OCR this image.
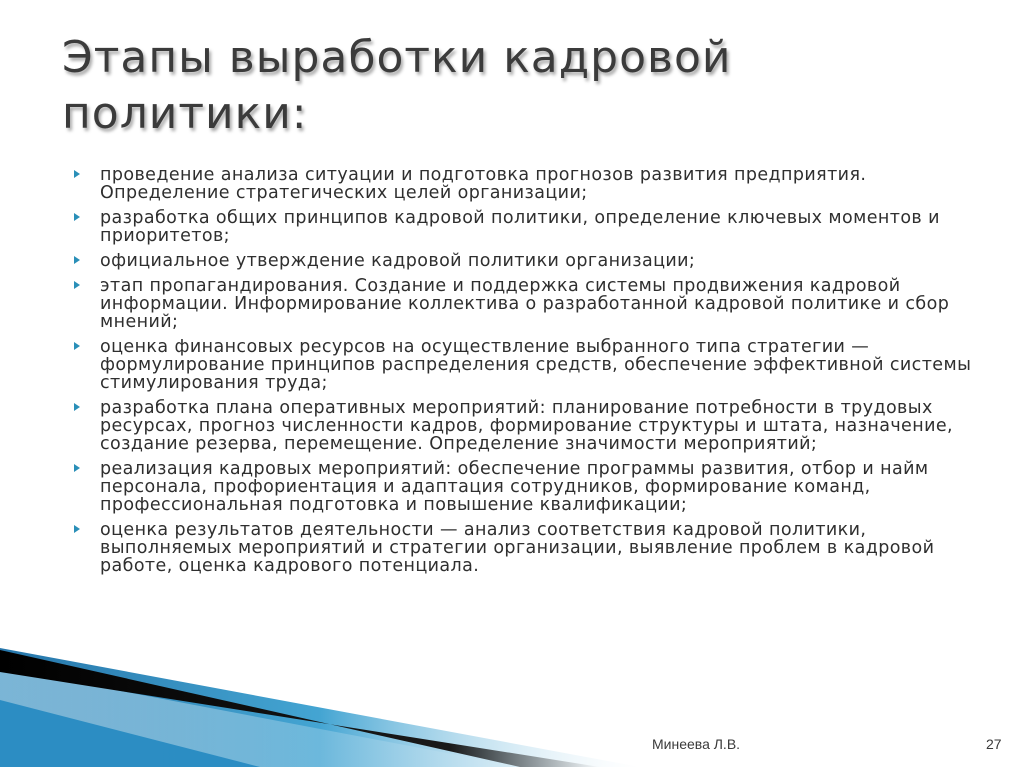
Этапы выработки кадровой политики:
проведение анализа ситуации и подготовка прогнозов развития предприятия. Определение стратегических целей организации;
разработка общих принципов кадровой политики, определение ключевых моментов и приоритетов;
официальное утверждение кадровой политики организации;
этап пропагандирования. Создание и поддержка системы продвижения кадровой информации. Информирование коллектива о разработанной кадровой политике и сбор мнений;
оценка финансовых ресурсов на осуществление выбранного типа стратегии — формулирование принципов распределения средств, обеспечение эффективной системы стимулирования труда;
разработка плана оперативных мероприятий: планирование потребности в трудовых ресурсах, прогноз численности кадров, формирование структуры и штата, назначение, создание резерва, перемещение. Определение значимости мероприятий;
реализация кадровых мероприятий: обеспечение программы развития, отбор и найм персонала, профориентация и адаптация сотрудников, формирование команд, профессиональная подготовка и повышение квалификации;
оценка результатов деятельности — анализ соответствия кадровой политики, выполняемых мероприятий и стратегии организации, выявление проблем в кадровой работе, оценка кадрового потенциала.
Минеева Л.В.	27
